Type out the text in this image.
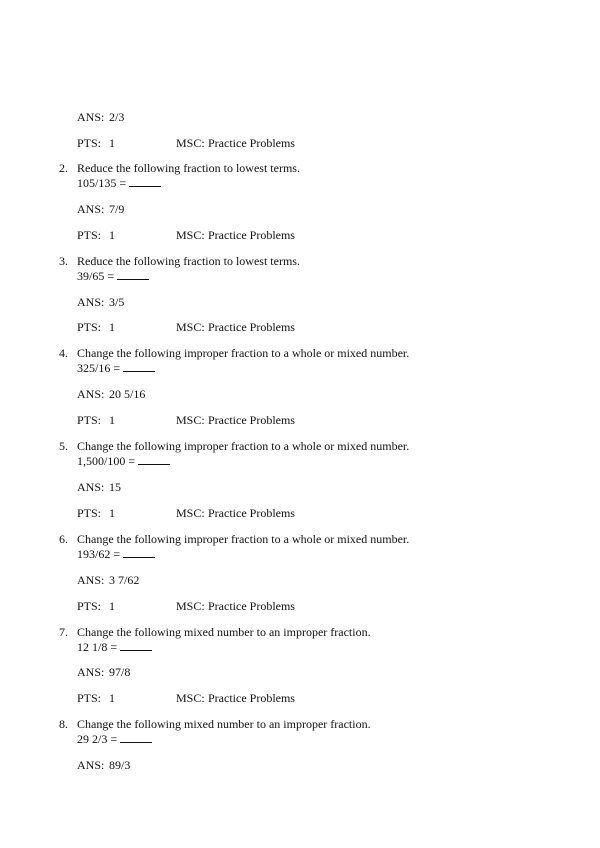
ANS: 2/3
PTS: 1	MSC: Practice Problems
2. Reduce the following fraction to lowest terms.
105/135 =
ANS: 7/9
PTS: 1	MSC: Practice Problems
3. Reduce the following fraction to lowest terms.
39/65 =
ANS: 3/5
PTS: 1	MSC: Practice Problems
4. Change the following improper fraction to a whole or mixed number.
325/16 =
ANS: 20 5/16
PTS: 1	MSC: Practice Problems
5. Change the following improper fraction to a whole or mixed number.
1,500/100 =
ANS: 15
PTS: 1	MSC: Practice Problems
6. Change the following improper fraction to a whole or mixed number.
193/62 =
ANS: 3 7/62
PTS: 1	MSC: Practice Problems
7. Change the following mixed number to an improper fraction.
12 1/8 =
ANS: 97/8
PTS: 1	MSC: Practice Problems
8. Change the following mixed number to an improper fraction.
29 2/3 =
ANS: 89/3
